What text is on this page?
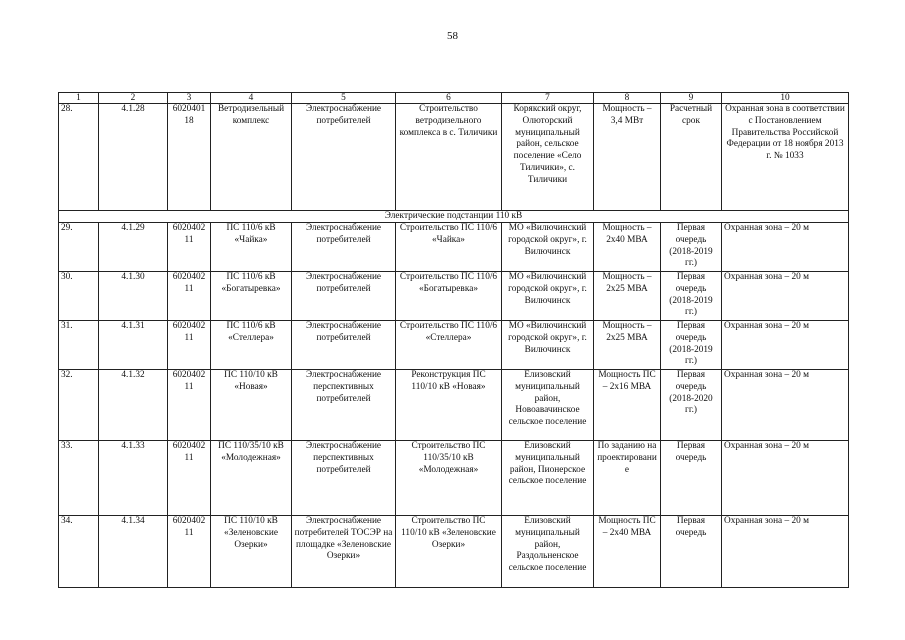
58
1	2	3	4	5	6	7	8	9	10
28.	4.1.28	6020401 18	Ветродизельный комплекс	Электроснабжение потребителей	Строительство ветродизельного комплекса в с. Тиличики	Корякский округ, Олюторский муниципальный район, сельское поселение «Село Тиличики», с. Тиличики	Мощность – 3,4 МВт	Расчетный срок	Охранная зона в соответствии с Постановлением Правительства Российской Федерации от 18 ноября 2013 г. № 1033
Электрические подстанции 110 кВ									
29.	4.1.29	6020402 11	ПС 110/6 кВ «Чайка»	Электроснабжение потребителей	Строительство ПС 110/6 «Чайка»	МО «Вилючинский городской округ», г. Вилючинск	Мощность – 2х40 МВА	Первая очередь (2018-2019 гг.)	Охранная зона – 20 м
30.	4.1.30	6020402 11	ПС 110/6 кВ «Богатыревка»	Электроснабжение потребителей	Строительство ПС 110/6 «Богатыревка»	МО «Вилючинский городской округ», г. Вилючинск	Мощность – 2х25 МВА	Первая очередь (2018-2019 гг.)	Охранная зона – 20 м
31.	4.1.31	6020402 11	ПС 110/6 кВ «Стеллера»	Электроснабжение потребителей	Строительство ПС 110/6 «Стеллера»	МО «Вилючинский городской округ», г. Вилючинск	Мощность – 2х25 МВА	Первая очередь (2018-2019 гг.)	Охранная зона – 20 м
32.	4.1.32	6020402 11	ПС 110/10 кВ «Новая»	Электроснабжение перспективных потребителей	Реконструкция ПС 110/10 кВ «Новая»	Елизовский муниципальный район, Новоавачинское сельское поселение	Мощность ПС – 2х16 МВА	Первая очередь (2018-2020 гг.)	Охранная зона – 20 м
33.	4.1.33	6020402 11	ПС 110/35/10 кВ «Молодежная»	Электроснабжение перспективных потребителей	Строительство ПС 110/35/10 кВ «Молодежная»	Елизовский муниципальный район, Пионерское сельское поселение	По заданию на проектирование	Первая очередь	Охранная зона – 20 м
34.	4.1.34	6020402 11	ПС 110/10 кВ «Зеленовские Озерки»	Электроснабжение потребителей ТОСЭР на площадке «Зеленовские Озерки»	Строительство ПС 110/10 кВ «Зеленовские Озерки»	Елизовский муниципальный район, Раздольненское сельское поселение	Мощность ПС – 2х40 МВА	Первая очередь	Охранная зона – 20 м
